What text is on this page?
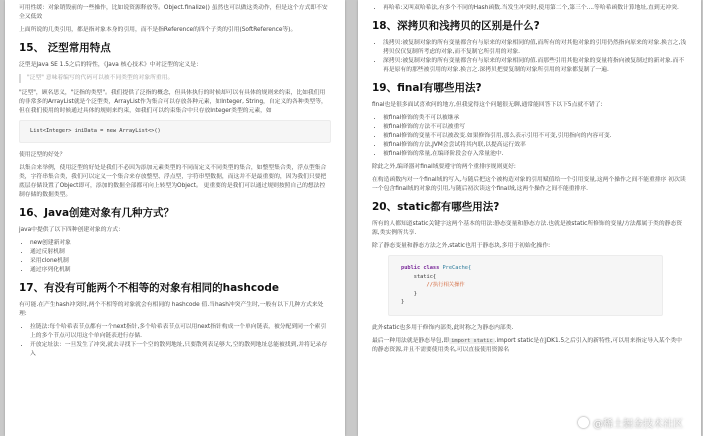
可用性缓：对象销毁前的一些操作，比如说资源释放等。Object.finalize() 虽然也可以做这类动作，但是这个方式即不安全又低效

上面所说的几类引用，都是指对象本身的引用，而不是指Reference的四个子类的引用(SoftReference等)。

15、 泛型常用特点

泛型是Java SE 1.5之后的特性，《Java 核心技术》中对泛型的定义是：

"泛型" 意味着编写的代码可以被不同类型的对象所重用。

"泛型"，顾名思义，"泛指的类型"。我们提供了泛指的概念，但具体执行的时候却可以有具体的规则来约束，比如我们用的非常多的ArrayList就是个泛型类，ArrayList作为集合可以存放各种元素，如Integer, String，自定义的各种类型等，但在我们使用的时候通过具体的规则来约束，如我们可以约束集合中只存放Integer类型的元素，如

List<Integer> iniData = new ArrayList<>()

使用泛型的好处？

以集合来举例，使用泛型的好处是我们不必因为添加元素类型的不同而定义不同类型的集合，如整型集合类，浮点型集合类，字符串集合类，我们可以定义一个集合来存放整型、浮点型，字符串型数据，而这并不是最重要的，因为我们只要把底层存储设置了Object即可，添加的数据全部都可向上转型为Object。 更重要的是我们可以通过规则按照自己的想法控制存储的数据类型。

16、Java创建对象有几种方式？

java中提供了以下四种创建对象的方式：

• new创建新对象
• 通过反射机制
• 采用clone机制
• 通过序列化机制
17、有没有可能两个不相等的对象有相同的hashcode

有可能.在产生hash冲突时,两个不相等的对象就会有相同的 hashcode 值.当hash冲突产生时,一般有以下几种方式来处理:

• 拉链法:每个哈希表节点都有一个next指针,多个哈希表节点可以用next指针构成一个单向链表，被分配到同一个索引上的多个节点可以用这个单向链表进行存储.
• 开放定址法：一旦发生了冲突,就去寻找下一个空的散列地址,只要散列表足够大,空的散列地址总能被找到,并将记录存入
• 再哈希:又叫双哈希法,有多个不同的Hash函数.当发生冲突时,使用第二个,第三个....等哈希函数计算地址,直到无冲突.
18、深拷贝和浅拷贝的区别是什么?
• 浅拷贝:被复制对象的所有变量都含有与原来的对象相同的值,而所有的对其他对象的引用仍然指向原来的对象.换言之,浅拷贝仅仅复制所考虑的对象,而不复制它所引用的对象.
• 深拷贝:被复制对象的所有变量都含有与原来的对象相同的值.而那些引用其他对象的变量将指向被复制过的新对象.而不再是原有的那些被引用的对象.换言之.深拷贝把要复制的对象所引用的对象都复制了一遍.
19、final有哪些用法?

final也是很多面试喜欢问的地方,但我觉得这个问题很无聊,通常能回答下以下5点就不错了:

• 被final修饰的类不可以被继承
• 被final修饰的方法不可以被重写
• 被final修饰的变量不可以被改变.如果修饰引用,那么表示引用不可变,引用指向的内容可变.
• 被final修饰的方法,JVM会尝试将其内联,以提高运行效率
• 被final修饰的常量,在编译阶段会存入常量池中.

除此之外,编译器对final域要遵守的两个重排序规则更好:

在构造函数内对一个final域的写入,与随后把这个被构造对象的引用赋值给一个引用变量,这两个操作之间不能重排序 初次读一个包含final域的对象的引用,与随后初次读这个final域,这两个操作之间不能重排序.

20、static都有哪些用法?

所有的人都知道static关键字这两个基本的用法:静态变量和静态方法.也就是被static所修饰的变量/方法都属于类的静态资源,类实例所共享.

除了静态变量和静态方法之外,static也用于静态块,多用于初始化操作:

public class PreCache{
static{
//执行相关操作
}
}

此外static也多用于修饰内部类,此时称之为静态内部类.

最后一种用法就是静态导包,即 import static .import static是在JDK1.5之后引入的新特性,可以用来指定导入某个类中的静态资源,并且不需要使用类名,可以直接使用资源名

@稀土掘金技术社区
